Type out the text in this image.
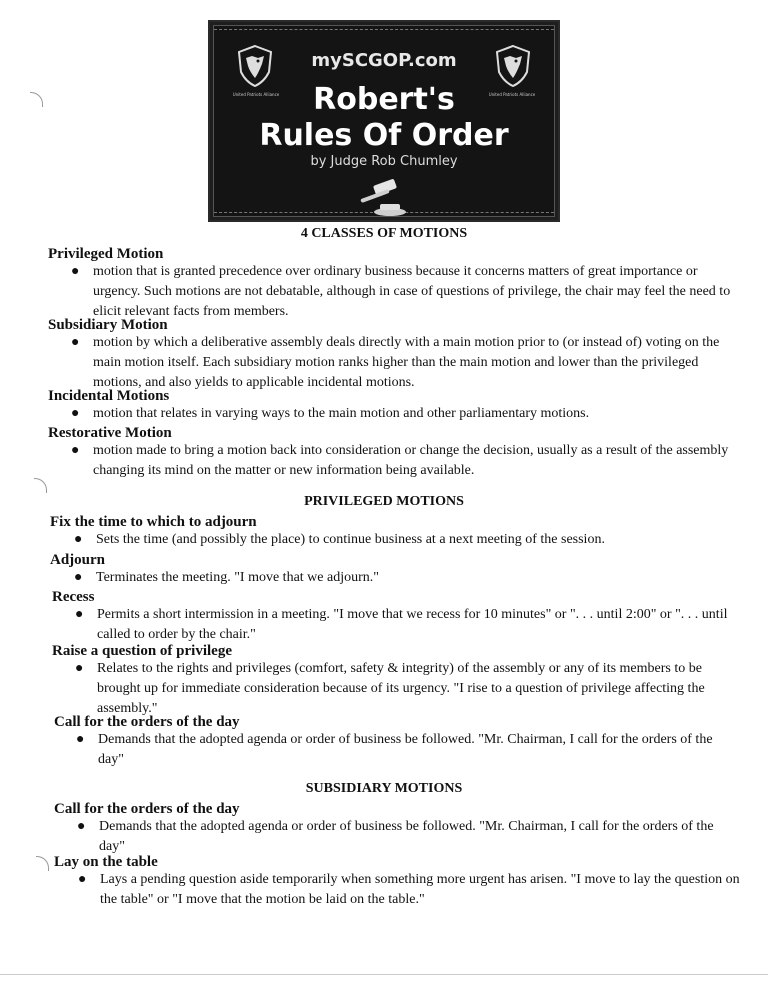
United Patriots Alliance	United Patriots Alliance
mySCGOP.com
Robert's
Rules Of Order
by Judge Rob Chumley
4 CLASSES OF MOTIONS
Privileged Motion
● motion that is granted precedence over ordinary business because it concerns matters of great importance or urgency. Such motions are not debatable, although in case of questions of privilege, the chair may feel the need to elicit relevant facts from members.
Subsidiary Motion
● motion by which a deliberative assembly deals directly with a main motion prior to (or instead of) voting on the main motion itself. Each subsidiary motion ranks higher than the main motion and lower than the privileged motions, and also yields to applicable incidental motions.
Incidental Motions
● motion that relates in varying ways to the main motion and other parliamentary motions.
Restorative Motion
● motion made to bring a motion back into consideration or change the decision, usually as a result of the assembly changing its mind on the matter or new information being available.
PRIVILEGED MOTIONS
Fix the time to which to adjourn
● Sets the time (and possibly the place) to continue business at a next meeting of the session.
Adjourn
● Terminates the meeting. "I move that we adjourn."
Recess
● Permits a short intermission in a meeting. "I move that we recess for 10 minutes" or ". . . until 2:00" or ". . . until called to order by the chair."
Raise a question of privilege
● Relates to the rights and privileges (comfort, safety & integrity) of the assembly or any of its members to be brought up for immediate consideration because of its urgency. "I rise to a question of privilege affecting the assembly."
Call for the orders of the day
● Demands that the adopted agenda or order of business be followed. "Mr. Chairman, I call for the orders of the day"
SUBSIDIARY MOTIONS
Call for the orders of the day
● Demands that the adopted agenda or order of business be followed. "Mr. Chairman, I call for the orders of the day"
Lay on the table
● Lays a pending question aside temporarily when something more urgent has arisen. "I move to lay the question on the table" or "I move that the motion be laid on the table."
